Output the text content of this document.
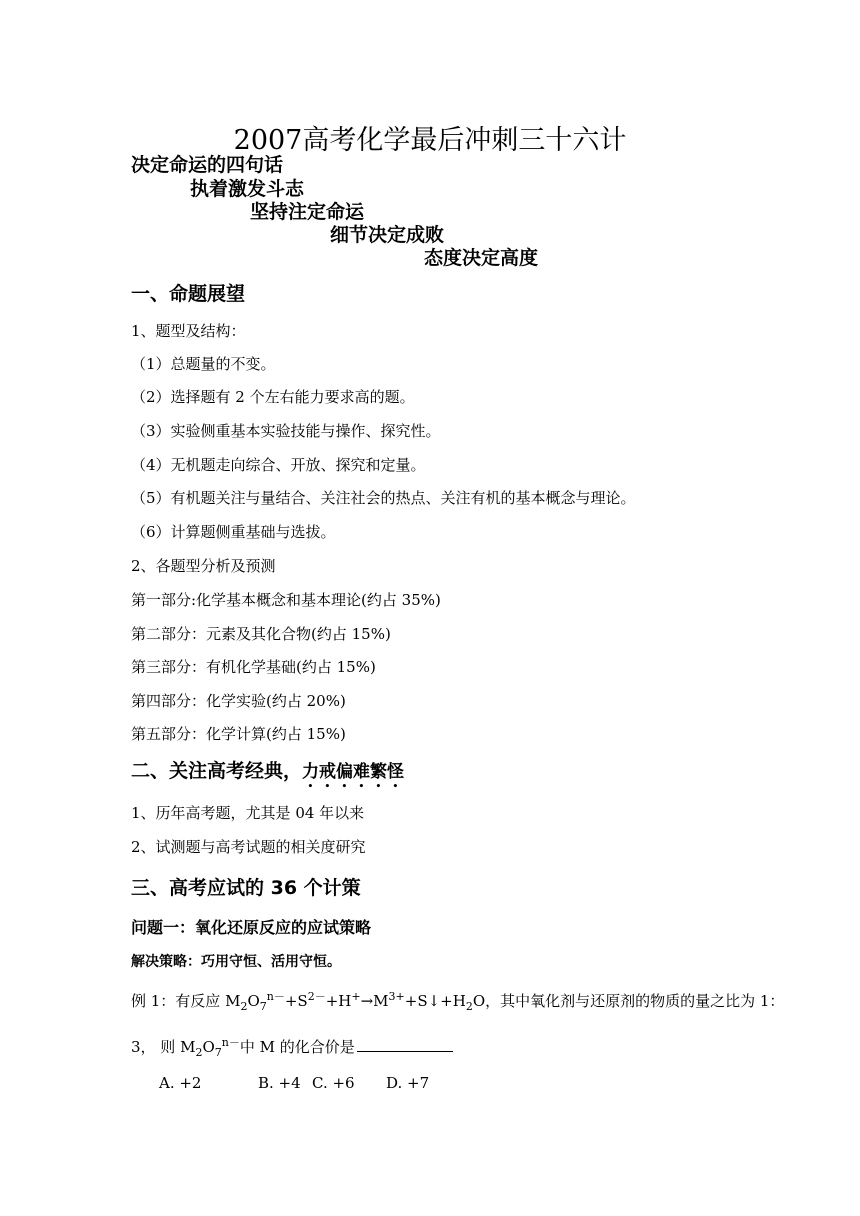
2007高考化学最后冲刺三十六计
决定命运的四句话
执着激发斗志
坚持注定命运
细节决定成败
态度决定高度
一、命题展望
1、题型及结构：
（1）总题量的不变。
（2）选择题有 2 个左右能力要求高的题。
（3）实验侧重基本实验技能与操作、探究性。
（4）无机题走向综合、开放、探究和定量。
（5）有机题关注与量结合、关注社会的热点、关注有机的基本概念与理论。
（6）计算题侧重基础与选拔。
2、各题型分析及预测
第一部分:化学基本概念和基本理论(约占 35%)
第二部分：元素及其化合物(约占 15%)
第三部分：有机化学基础(约占 15%)
第四部分：化学实验(约占 20%)
第五部分：化学计算(约占 15%)
二、关注高考经典，力戒偏难繁怪
1、历年高考题，尤其是 04 年以来
2、试测题与高考试题的相关度研究
三、高考应试的 36 个计策
问题一：氧化还原反应的应试策略
解决策略：巧用守恒、活用守恒。
例 1：有反应 $M_2O_7^{n-}+S^{2-}+H^+\to M^{3+}+S↓+H_2O$，其中氧化剂与还原剂的物质的量之比为 1：
3， 则 $M_2O_7^{n-}$中 M 的化合价是
A. +2	B. +4 C. +6 D. +7
